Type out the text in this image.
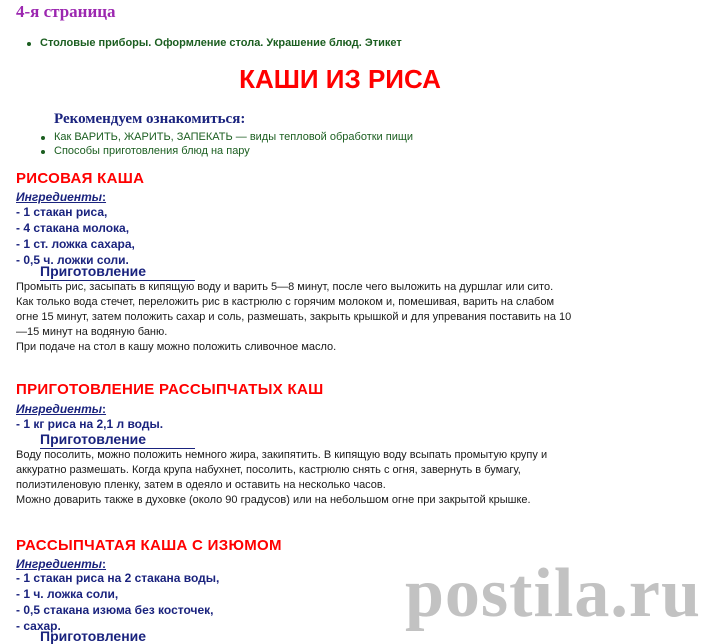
4-я страница
Столовые приборы. Оформление стола. Украшение блюд. Этикет
КАШИ ИЗ РИСА
Рекомендуем ознакомиться:
Как ВАРИТЬ, ЖАРИТЬ, ЗАПЕКАТЬ — виды тепловой обработки пищи
Способы приготовления блюд на пару
РИСОВАЯ КАША
Ингредиенты:
- 1 стакан риса,
- 4 стакана молока,
- 1 ст. ложка сахара,
- 0,5 ч. ложки соли.
Приготовление

Промыть рис, засыпать в кипящую воду и варить 5—8 минут, после чего выложить на дуршлаг или сито.

Как только вода стечет, переложить рис в кастрюлю с горячим молоком и, помешивая, варить на слабом

огне 15 минут, затем положить сахар и соль, размешать, закрыть крышкой и для упревания поставить на 10

—15 минут на водяную баню.

При подаче на стол в кашу можно положить сливочное масло.

ПРИГОТОВЛЕНИЕ РАССЫПЧАТЫХ КАШ
Ингредиенты:
- 1 кг риса на 2,1 л воды.
Приготовление

Воду посолить, можно положить немного жира, закипятить. В кипящую воду всыпать промытую крупу и

аккуратно размешать. Когда крупа набухнет, посолить, кастрюлю снять с огня, завернуть в бумагу,

полиэтиленовую пленку, затем в одеяло и оставить на несколько часов.

Можно доварить также в духовке (около 90 градусов) или на небольшом огне при закрытой крышке.

РАССЫПЧАТАЯ КАША С ИЗЮМОМ
Ингредиенты:
- 1 стакан риса на 2 стакана воды,
- 1 ч. ложка соли,
- 0,5 стакана изюма без косточек,
- сахар.
Приготовление
postila.ru
